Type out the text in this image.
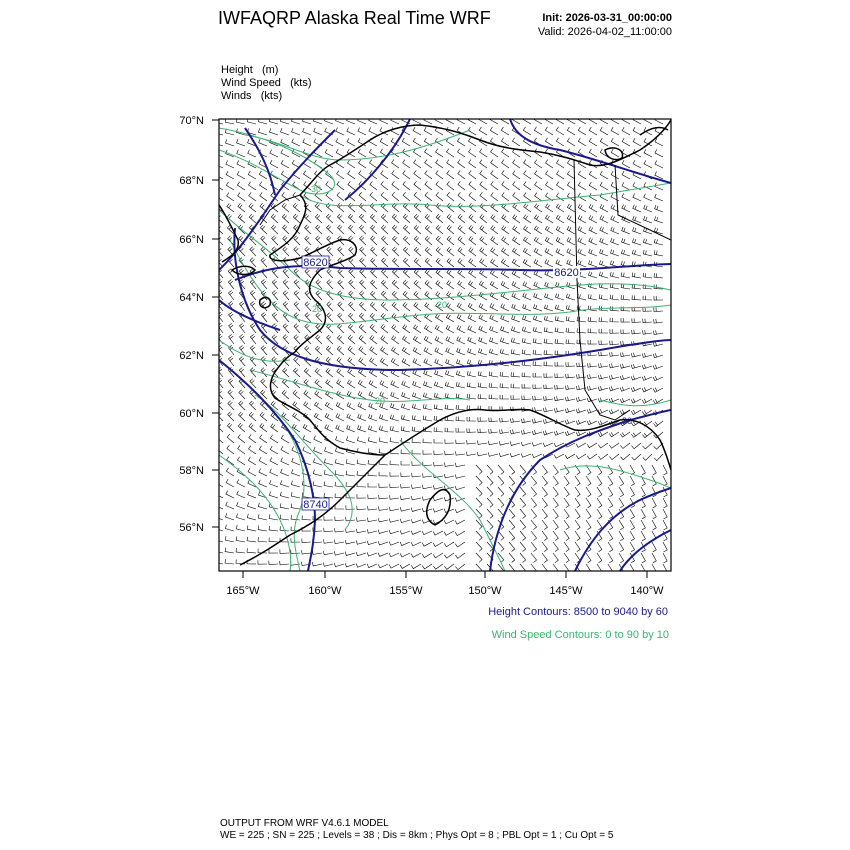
IWFAQRP Alaska Real Time WRF	Init: 2026-03-31_00:00:00
Valid: 2026-04-02_11:00:00
Height (m)
Wind Speed (kts)
Winds (kts)
8620
8620
8740
30
20	20
20
30
70°N
68°N
66°N
64°N
62°N
60°N
58°N
56°N
165°W	160°W	155°W	150°W	145°W	140°W
Height Contours: 8500 to 9040 by 60
Wind Speed Contours: 0 to 90 by 10
OUTPUT FROM WRF V4.6.1 MODEL
WE = 225 ; SN = 225 ; Levels = 38 ; Dis = 8km ; Phys Opt = 8 ; PBL Opt = 1 ; Cu Opt = 5
